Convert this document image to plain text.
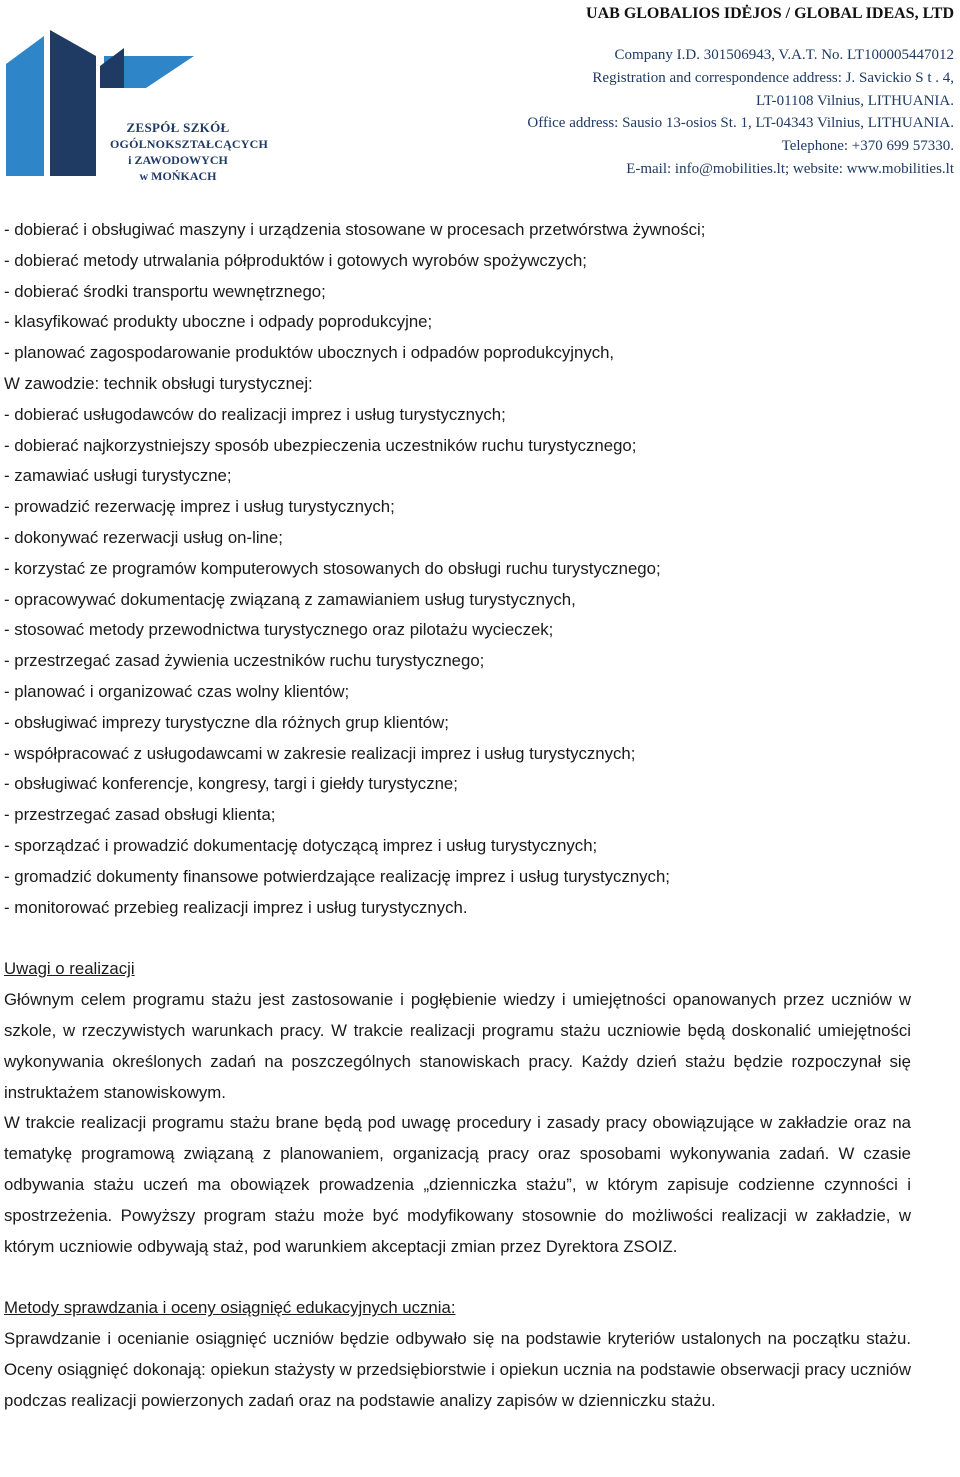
ZESPÓŁ SZKÓŁ
OGÓLNOKSZTAŁCĄCYCH
i ZAWODOWYCH
w MOŃKACH
UAB GLOBALIOS IDĖJOS / GLOBAL IDEAS, LTD
Company I.D. 301506943, V.A.T. No. LT100005447012
Registration and correspondence address: J. Savickio S t . 4,
LT-01108 Vilnius, LITHUANIA.
Office address: Sausio 13-osios St. 1, LT-04343 Vilnius, LITHUANIA.
Telephone: +370 699 57330.
E-mail: info@mobilities.lt; website: www.mobilities.lt
- dobierać i obsługiwać maszyny i urządzenia stosowane w procesach przetwórstwa żywności;
- dobierać metody utrwalania półproduktów i gotowych wyrobów spożywczych;
- dobierać środki transportu wewnętrznego;
- klasyfikować produkty uboczne i odpady poprodukcyjne;
- planować zagospodarowanie produktów ubocznych i odpadów poprodukcyjnych,
W zawodzie: technik obsługi turystycznej:
- dobierać usługodawców do realizacji imprez i usług turystycznych;
- dobierać najkorzystniejszy sposób ubezpieczenia uczestników ruchu turystycznego;
- zamawiać usługi turystyczne;
- prowadzić rezerwację imprez i usług turystycznych;
- dokonywać rezerwacji usług on-line;
- korzystać ze programów komputerowych stosowanych do obsługi ruchu turystycznego;
- opracowywać dokumentację związaną z zamawianiem usług turystycznych,
- stosować metody przewodnictwa turystycznego oraz pilotażu wycieczek;
- przestrzegać zasad żywienia uczestników ruchu turystycznego;
- planować i organizować czas wolny klientów;
- obsługiwać imprezy turystyczne dla różnych grup klientów;
- współpracować z usługodawcami w zakresie realizacji imprez i usług turystycznych;
- obsługiwać konferencje, kongresy, targi i giełdy turystyczne;
- przestrzegać zasad obsługi klienta;
- sporządzać i prowadzić dokumentację dotyczącą imprez i usług turystycznych;
- gromadzić dokumenty finansowe potwierdzające realizację imprez i usług turystycznych;
- monitorować przebieg realizacji imprez i usług turystycznych.
Uwagi o realizacji
Głównym celem programu stażu jest zastosowanie i pogłębienie wiedzy i umiejętności opanowanych przez uczniów w szkole, w rzeczywistych warunkach pracy. W trakcie realizacji programu stażu uczniowie będą doskonalić umiejętności wykonywania określonych zadań na poszczególnych stanowiskach pracy. Każdy dzień stażu będzie rozpoczynał się instruktażem stanowiskowym.
W trakcie realizacji programu stażu brane będą pod uwagę procedury i zasady pracy obowiązujące w zakładzie oraz na tematykę programową związaną z planowaniem, organizacją pracy oraz sposobami wykonywania zadań. W czasie odbywania stażu uczeń ma obowiązek prowadzenia „dzienniczka stażu”, w którym zapisuje codzienne czynności i spostrzeżenia. Powyższy program stażu może być modyfikowany stosownie do możliwości realizacji w zakładzie, w którym uczniowie odbywają staż, pod warunkiem akceptacji zmian przez Dyrektora ZSOIZ.
Metody sprawdzania i oceny osiągnięć edukacyjnych ucznia:
Sprawdzanie i ocenianie osiągnięć uczniów będzie odbywało się na podstawie kryteriów ustalonych na początku stażu. Oceny osiągnięć dokonają: opiekun stażysty w przedsiębiorstwie i opiekun ucznia na podstawie obserwacji pracy uczniów podczas realizacji powierzonych zadań oraz na podstawie analizy zapisów w dzienniczku stażu.
